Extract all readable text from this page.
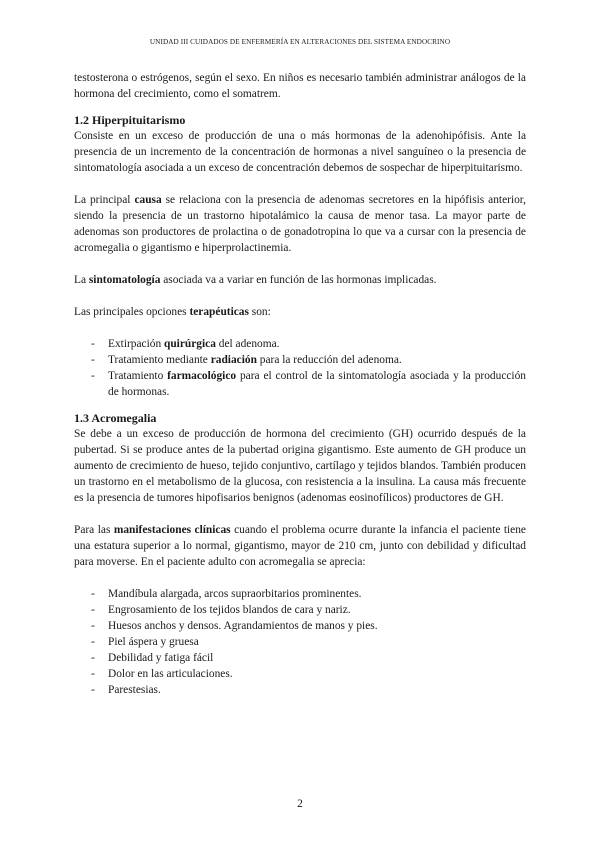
UNIDAD III CUIDADOS DE ENFERMERÍA EN ALTERACIONES DEL SISTEMA ENDOCRINO

testosterona o estrógenos, según el sexo. En niños es necesario también administrar análogos de la hormona del crecimiento, como el somatrem.

1.2 Hiperpituitarismo

Consiste en un exceso de producción de una o más hormonas de la adenohipófisis. Ante la presencia de un incremento de la concentración de hormonas a nivel sanguíneo o la presencia de sintomatología asociada a un exceso de concentración debemos de sospechar de hiperpituitarismo.

La principal causa se relaciona con la presencia de adenomas secretores en la hipófisis anterior, siendo la presencia de un trastorno hipotalámico la causa de menor tasa. La mayor parte de adenomas son productores de prolactina o de gonadotropina lo que va a cursar con la presencia de acromegalia o gigantismo e hiperprolactinemia.

La sintomatología asociada va a variar en función de las hormonas implicadas.

Las principales opciones terapéuticas son:

- Extirpación quirúrgica del adenoma.
- Tratamiento mediante radiación para la reducción del adenoma.
- Tratamiento farmacológico para el control de la sintomatología asociada y la producción de hormonas.
1.3 Acromegalia

Se debe a un exceso de producción de hormona del crecimiento (GH) ocurrido después de la pubertad. Si se produce antes de la pubertad origina gigantismo. Este aumento de GH produce un aumento de crecimiento de hueso, tejido conjuntivo, cartílago y tejidos blandos. También producen un trastorno en el metabolismo de la glucosa, con resistencia a la insulina. La causa más frecuente es la presencia de tumores hipofisarios benignos (adenomas eosinofílicos) productores de GH.

Para las manifestaciones clínicas cuando el problema ocurre durante la infancia el paciente tiene una estatura superior a lo normal, gigantismo, mayor de 210 cm, junto con debilidad y dificultad para moverse. En el paciente adulto con acromegalia se aprecia:

- Mandíbula alargada, arcos supraorbitarios prominentes.
- Engrosamiento de los tejidos blandos de cara y nariz.
- Huesos anchos y densos. Agrandamientos de manos y pies.
- Piel áspera y gruesa
- Debilidad y fatiga fácil
- Dolor en las articulaciones.
- Parestesias.
2
